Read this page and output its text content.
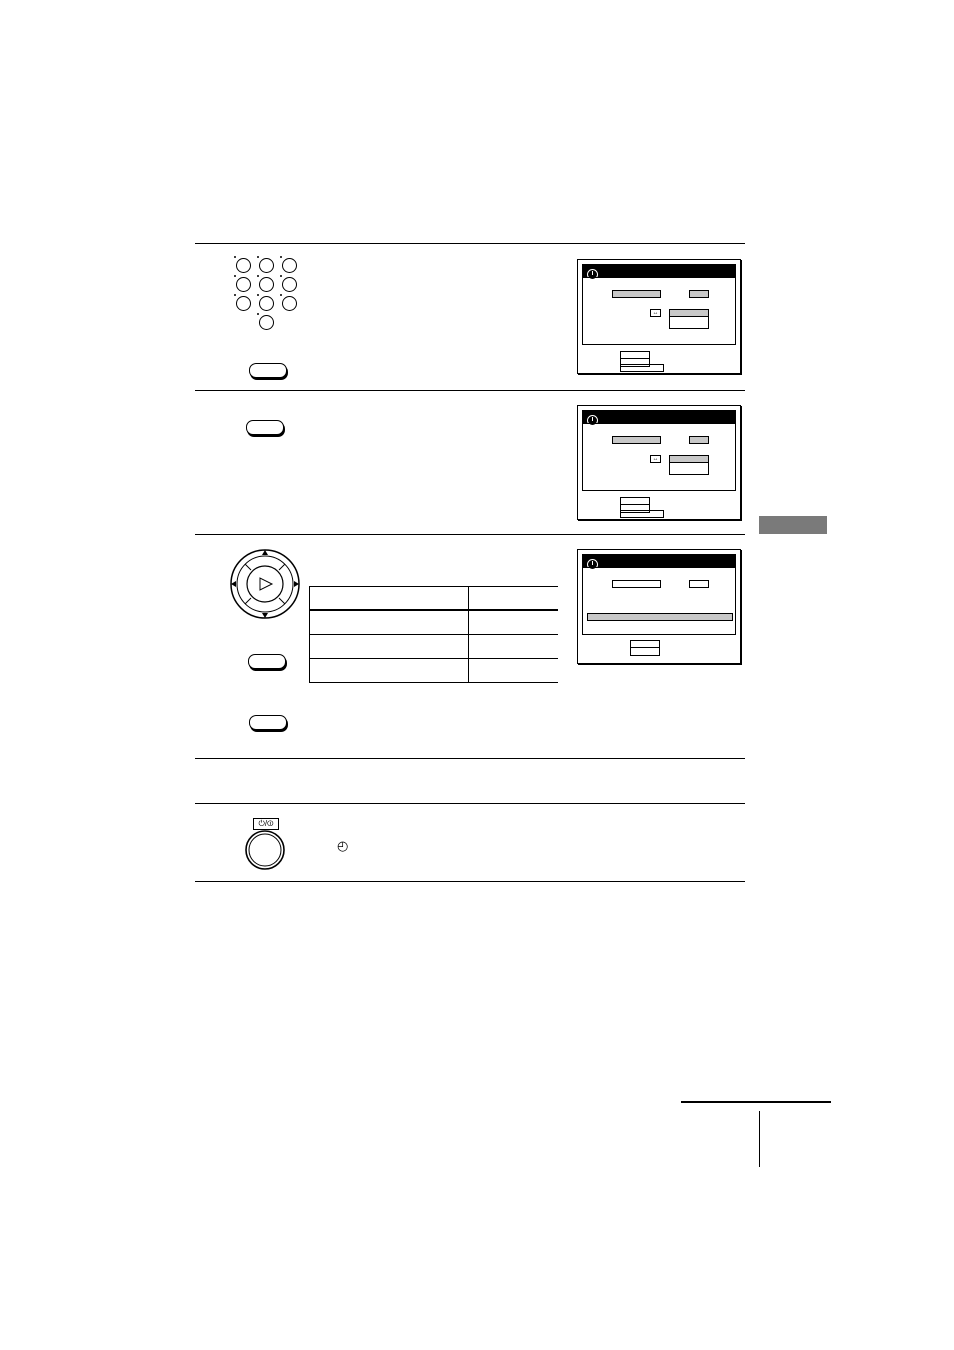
↔
↔
⏻/⏼
◴
